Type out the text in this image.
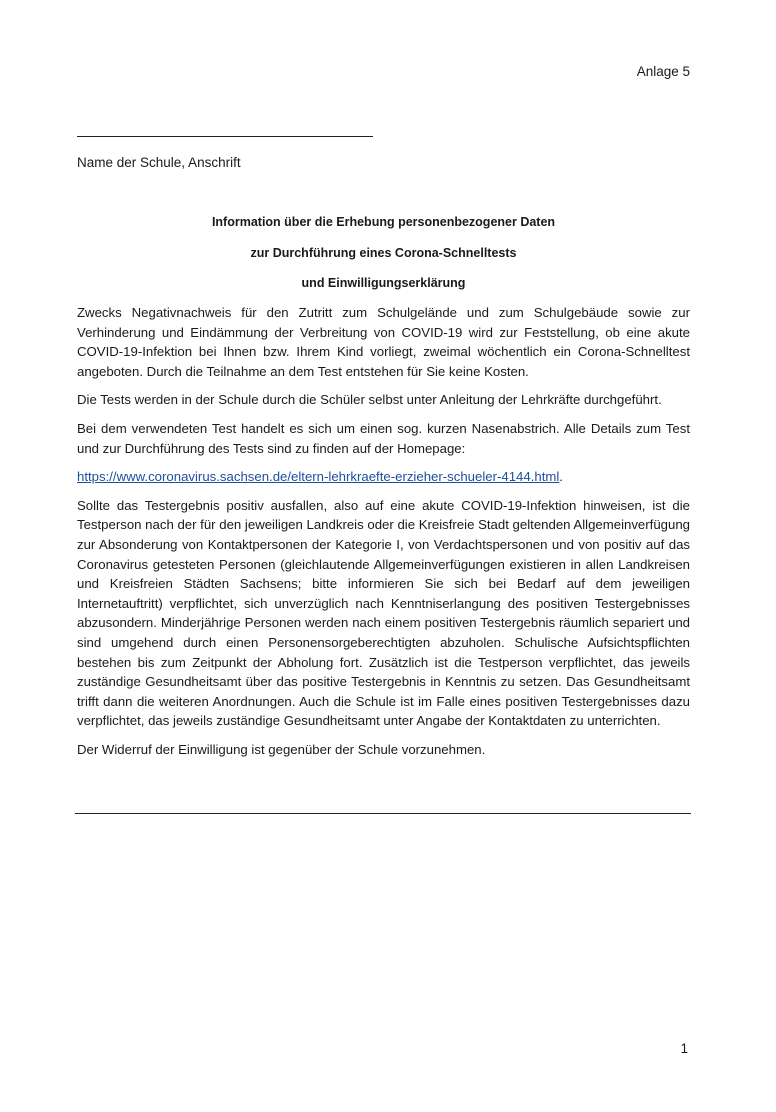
Anlage 5
Name der Schule, Anschrift
Information über die Erhebung personenbezogener Daten
zur Durchführung eines Corona-Schnelltests
und Einwilligungserklärung

Zwecks Negativnachweis für den Zutritt zum Schulgelände und zum Schulgebäude sowie zur Verhinderung und Eindämmung der Verbreitung von COVID-19 wird zur Feststellung, ob eine akute COVID-19-Infektion bei Ihnen bzw. Ihrem Kind vorliegt, zweimal wöchentlich ein Corona-Schnelltest angeboten. Durch die Teilnahme an dem Test entstehen für Sie keine Kosten.

Die Tests werden in der Schule durch die Schüler selbst unter Anleitung der Lehrkräfte durchgeführt.

Bei dem verwendeten Test handelt es sich um einen sog. kurzen Nasenabstrich. Alle Details zum Test und zur Durchführung des Tests sind zu finden auf der Homepage:

https://www.coronavirus.sachsen.de/eltern-lehrkraefte-erzieher-schueler-4144.html.

Sollte das Testergebnis positiv ausfallen, also auf eine akute COVID-19-Infektion hinweisen, ist die Testperson nach der für den jeweiligen Landkreis oder die Kreisfreie Stadt geltenden Allgemeinverfügung zur Absonderung von Kontaktpersonen der Kategorie I, von Verdachtspersonen und von positiv auf das Coronavirus getesteten Personen (gleichlautende Allgemeinverfügungen existieren in allen Landkreisen und Kreisfreien Städten Sachsens; bitte informieren Sie sich bei Bedarf auf dem jeweiligen Internetauftritt) verpflichtet, sich unverzüglich nach Kenntniserlangung des positiven Testergebnisses abzusondern. Minderjährige Personen werden nach einem positiven Testergebnis räumlich separiert und sind umgehend durch einen Personensorgeberechtigten abzuholen. Schulische Aufsichtspflichten bestehen bis zum Zeitpunkt der Abholung fort. Zusätzlich ist die Testperson verpflichtet, das jeweils zuständige Gesundheitsamt über das positive Testergebnis in Kenntnis zu setzen. Das Gesundheitsamt trifft dann die weiteren Anordnungen. Auch die Schule ist im Falle eines positiven Testergebnisses dazu verpflichtet, das jeweils zuständige Gesundheitsamt unter Angabe der Kontaktdaten zu unterrichten.

Der Widerruf der Einwilligung ist gegenüber der Schule vorzunehmen.

1
